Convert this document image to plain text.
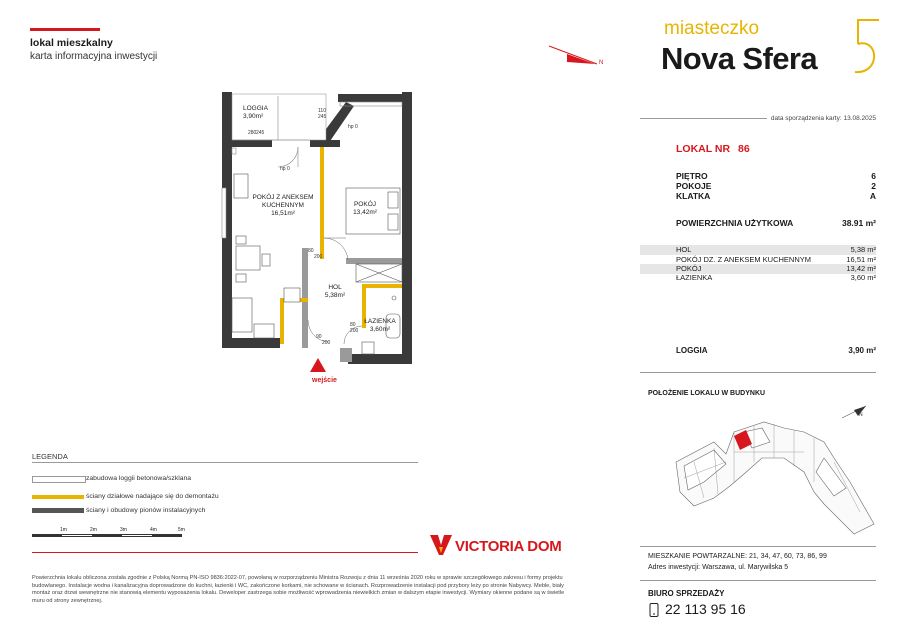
lokal mieszkalny
karta informacyjna inwestycji
N
miasteczko
Nova Sfera
data sporządzenia karty: 13.08.2025
LOKAL NR 86
PIĘTRO	6
POKOJE	2
KLATKA	A
POWIERZCHNIA UŻYTKOWA	38.91 m²
HOL	5,38 m²
POKÓJ DZ. Z ANEKSEM KUCHENNYM	16,51 m²
POKÓJ	13,42 m²
ŁAZIENKA	3,60 m²
LOGGIA	3,90 m²
POŁOŻENIE LOKALU W BUDYNKU
N
110
245
280 245
hp 0
hp 0
80
200
80
200
90
200
LOGGIA
3,90m²
POKÓJ Z ANEKSEM KUCHENNYM
16,51m²
POKÓJ
13,42m²
HOL
5,38m²
ŁAZIENKA
3,60m²
wejście
LEGENDA
zabudowa loggii betonowa/szklana
ściany działowe nadające się do demontażu
ściany i obudowy pionów instalacyjnych
1m	2m	3m	4m	5m
VICTORIA DOM
Powierzchnia lokalu obliczona została zgodnie z Polską Normą PN-ISO 9836:2022-07, powołaną w rozporządzeniu Ministra Rozwoju z dnia 11 września 2020 roku w sprawie szczegółowego zakresu i formy projektu budowlanego. Instalacje wodna i kanalizacyjna doprowadzone do kuchni, łazienki i WC, zakończone korkami, nie schowane w ścianach. Rozprowadzenie instalacji pod przybory leży po stronie Nabywcy. Meble, biały montaż oraz drzwi wewnętrzne nie stanowią elementu wyposażenia lokalu. Deweloper zastrzega sobie możliwość wprowadzenia niewielkich zmian w dalszym etapie inwestycji. Wymiary okienne podane są w świetle muru od strony zewnętrznej.
MIESZKANIE POWTARZALNE: 21, 34, 47, 60, 73, 86, 99
Adres inwestycji: Warszawa, ul. Marywilska 5
BIURO SPRZEDAŻY
22 113 95 16
